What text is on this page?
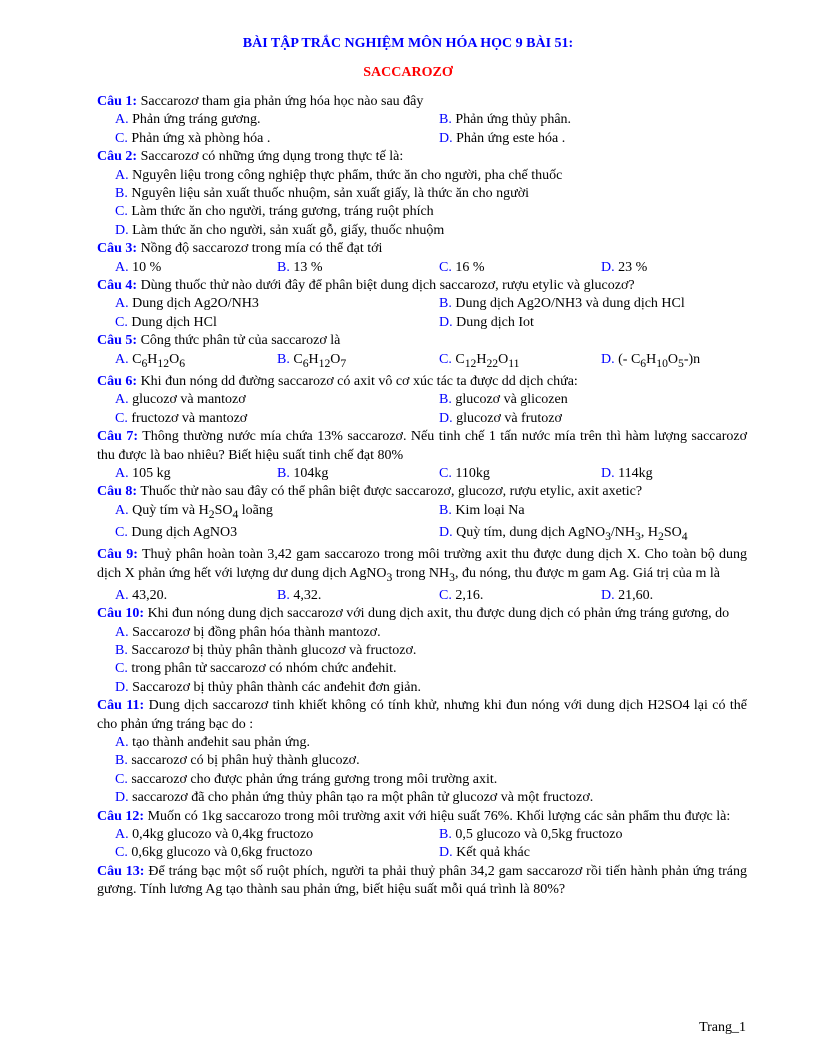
BÀI TẬP TRẮC NGHIỆM MÔN HÓA HỌC 9 BÀI 51:
SACCAROZƠ
Câu 1: Saccarozơ tham gia phản ứng hóa học nào sau đây
A. Phản ứng tráng gương.	B. Phản ứng thủy phân.
C. Phản ứng xà phòng hóa .	D. Phản ứng este hóa .
Câu 2: Saccarozơ có những ứng dụng trong thực tế là:
A. Nguyên liệu trong công nghiệp thực phẩm, thức ăn cho người, pha chế thuốc
B. Nguyên liệu sản xuất thuốc nhuộm, sản xuất giấy, là thức ăn cho người
C. Làm thức ăn cho người, tráng gương, tráng ruột phích
D. Làm thức ăn cho người, sản xuất gỗ, giấy, thuốc nhuộm
Câu 3: Nồng độ saccarozơ trong mía có thể đạt tới
A. 10 %	B. 13 %	C. 16 %	D. 23 %
Câu 4: Dùng thuốc thử nào dưới đây để phân biệt dung dịch saccarozơ, rượu etylic và glucozơ?
A. Dung dịch Ag2O/NH3	B. Dung dịch Ag2O/NH3 và dung dịch HCl
C. Dung dịch HCl	D. Dung dịch Iot
Câu 5: Công thức phân tử của saccarozơ là
A. $C_6H_{12}O_6$	B. $C_6H_{12}O_7$	C. $C_{12}H_{22}O_{11}$	D. (- $C_6H_{10}O_5-)n$
Câu 6: Khi đun nóng dd đường saccarozơ có axit vô cơ xúc tác ta được dd dịch chứa:
A. glucozơ và mantozơ	B. glucozơ và glicozen
C. fructozơ và mantozơ	D. glucozơ và frutozơ
Câu 7: Thông thường nước mía chứa 13% saccarozơ. Nếu tinh chế 1 tấn nước mía trên thì hàm lượng saccarozơ thu được là bao nhiêu? Biết hiệu suất tinh chế đạt 80%
A. 105 kg	B. 104kg	C. 110kg	D. 114kg
Câu 8: Thuốc thử nào sau đây có thể phân biệt được saccarozơ, glucozơ, rượu etylic, axit axetic?
A. Quỳ tím và $H_2SO_4$ loãng	B. Kim loại Na
C. Dung dịch AgNO3	D. Quỳ tím, dung dịch $AgNO_3/NH_3$, $H_2SO_4$
Câu 9: Thuỷ phân hoàn toàn 3,42 gam saccarozo trong môi trường axit thu được dung dịch X. Cho toàn bộ dung dịch X phản ứng hết với lượng dư dung dịch AgNO$_3$ trong $NH_3$, đu nóng, thu được m gam Ag. Giá trị của m là
A. 43,20.	B. 4,32.	C. 2,16.	D. 21,60.
Câu 10: Khi đun nóng dung dịch saccarozơ với dung dịch axit, thu được dung dịch có phản ứng tráng gương, do
A. Saccarozơ bị đồng phân hóa thành mantozơ.
B. Saccarozơ bị thủy phân thành glucozơ và fructozơ.
C. trong phân tử saccarozơ có nhóm chức anđehit.
D. Saccarozơ bị thủy phân thành các anđehit đơn giản.
Câu 11: Dung dịch saccarozơ tinh khiết không có tính khử, nhưng khi đun nóng với dung dịch H2SO4 lại có thể cho phản ứng tráng bạc do :
A. tạo thành anđehit sau phản ứng.
B. saccarozơ có bị phân huỷ thành glucozơ.
C. saccarozơ cho được phản ứng tráng gương trong môi trường axit.
D. saccarozơ đã cho phản ứng thủy phân tạo ra một phân tử glucozơ và một fructozơ.
Câu 12: Muốn có 1kg saccarozo trong môi trường axit với hiệu suất 76%. Khối lượng các sản phẩm thu được là:
A. 0,4kg glucozo và 0,4kg fructozo	B. 0,5 glucozo và 0,5kg fructozo
C. 0,6kg glucozo và 0,6kg fructozo	D. Kết quả khác
Câu 13: Để tráng bạc một số ruột phích, người ta phải thuỷ phân 34,2 gam saccarozơ rồi tiến hành phản ứng tráng gương. Tính lương Ag tạo thành sau phản ứng, biết hiệu suất mỗi quá trình là 80%?
Trang_1
